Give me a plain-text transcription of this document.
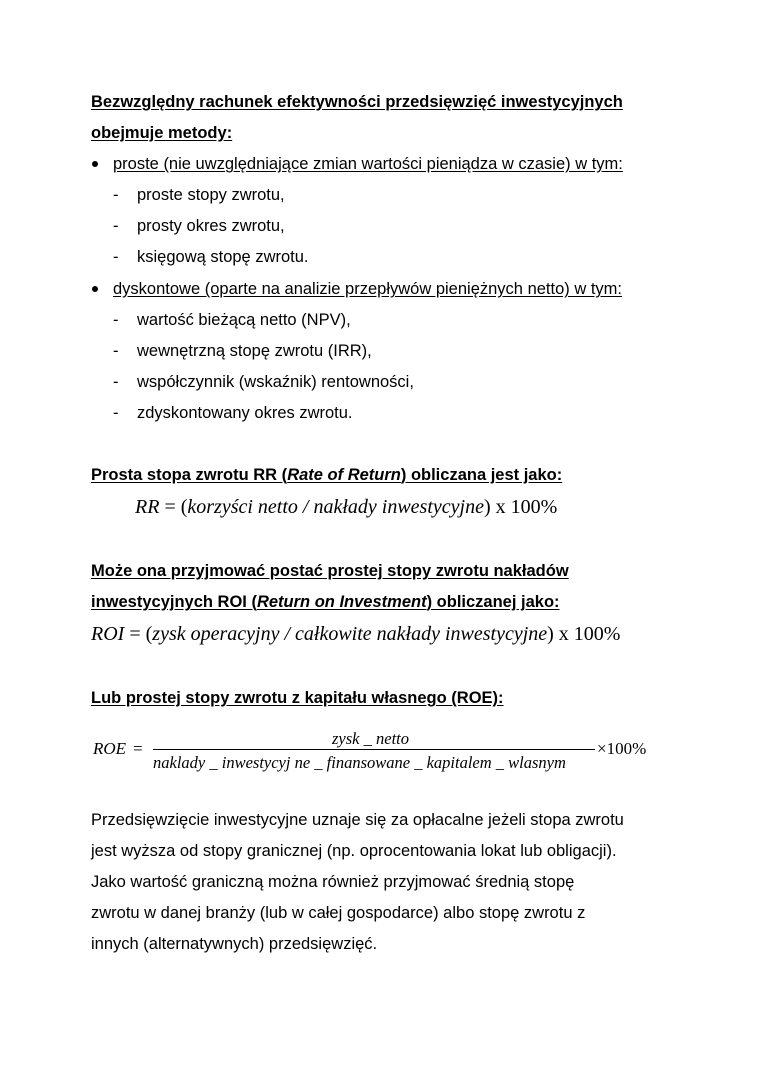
Bezwzględny rachunek efektywności przedsięwzięć inwestycyjnych
obejmuje metody:
proste (nie uwzględniające zmian wartości pieniądza w czasie) w tym:
- proste stopy zwrotu,
- prosty okres zwrotu,
- księgową stopę zwrotu.
dyskontowe (oparte na analizie przepływów pieniężnych netto) w tym:
- wartość bieżącą netto (NPV),
- wewnętrzną stopę zwrotu (IRR),
- współczynnik (wskaźnik) rentowności,
- zdyskontowany okres zwrotu.
Prosta stopa zwrotu RR (Rate of Return) obliczana jest jako:
RR = (korzyści netto / nakłady inwestycyjne) x 100%
Może ona przyjmować postać prostej stopy zwrotu nakładów
inwestycyjnych ROI (Return on Investment) obliczanej jako:
ROI = (zysk operacyjny / całkowite nakłady inwestycyjne) x 100%
Lub prostej stopy zwrotu z kapitału własnego (ROE):
ROE =
zysk _ netto
naklady _ inwestycyj ne _ finansowane _ kapitalem _ wlasnym
×100%
Przedsięwzięcie inwestycyjne uznaje się za opłacalne jeżeli stopa zwrotu
jest wyższa od stopy granicznej (np. oprocentowania lokat lub obligacji).
Jako wartość graniczną można również przyjmować średnią stopę
zwrotu w danej branży (lub w całej gospodarce) albo stopę zwrotu z
innych (alternatywnych) przedsięwzięć.
